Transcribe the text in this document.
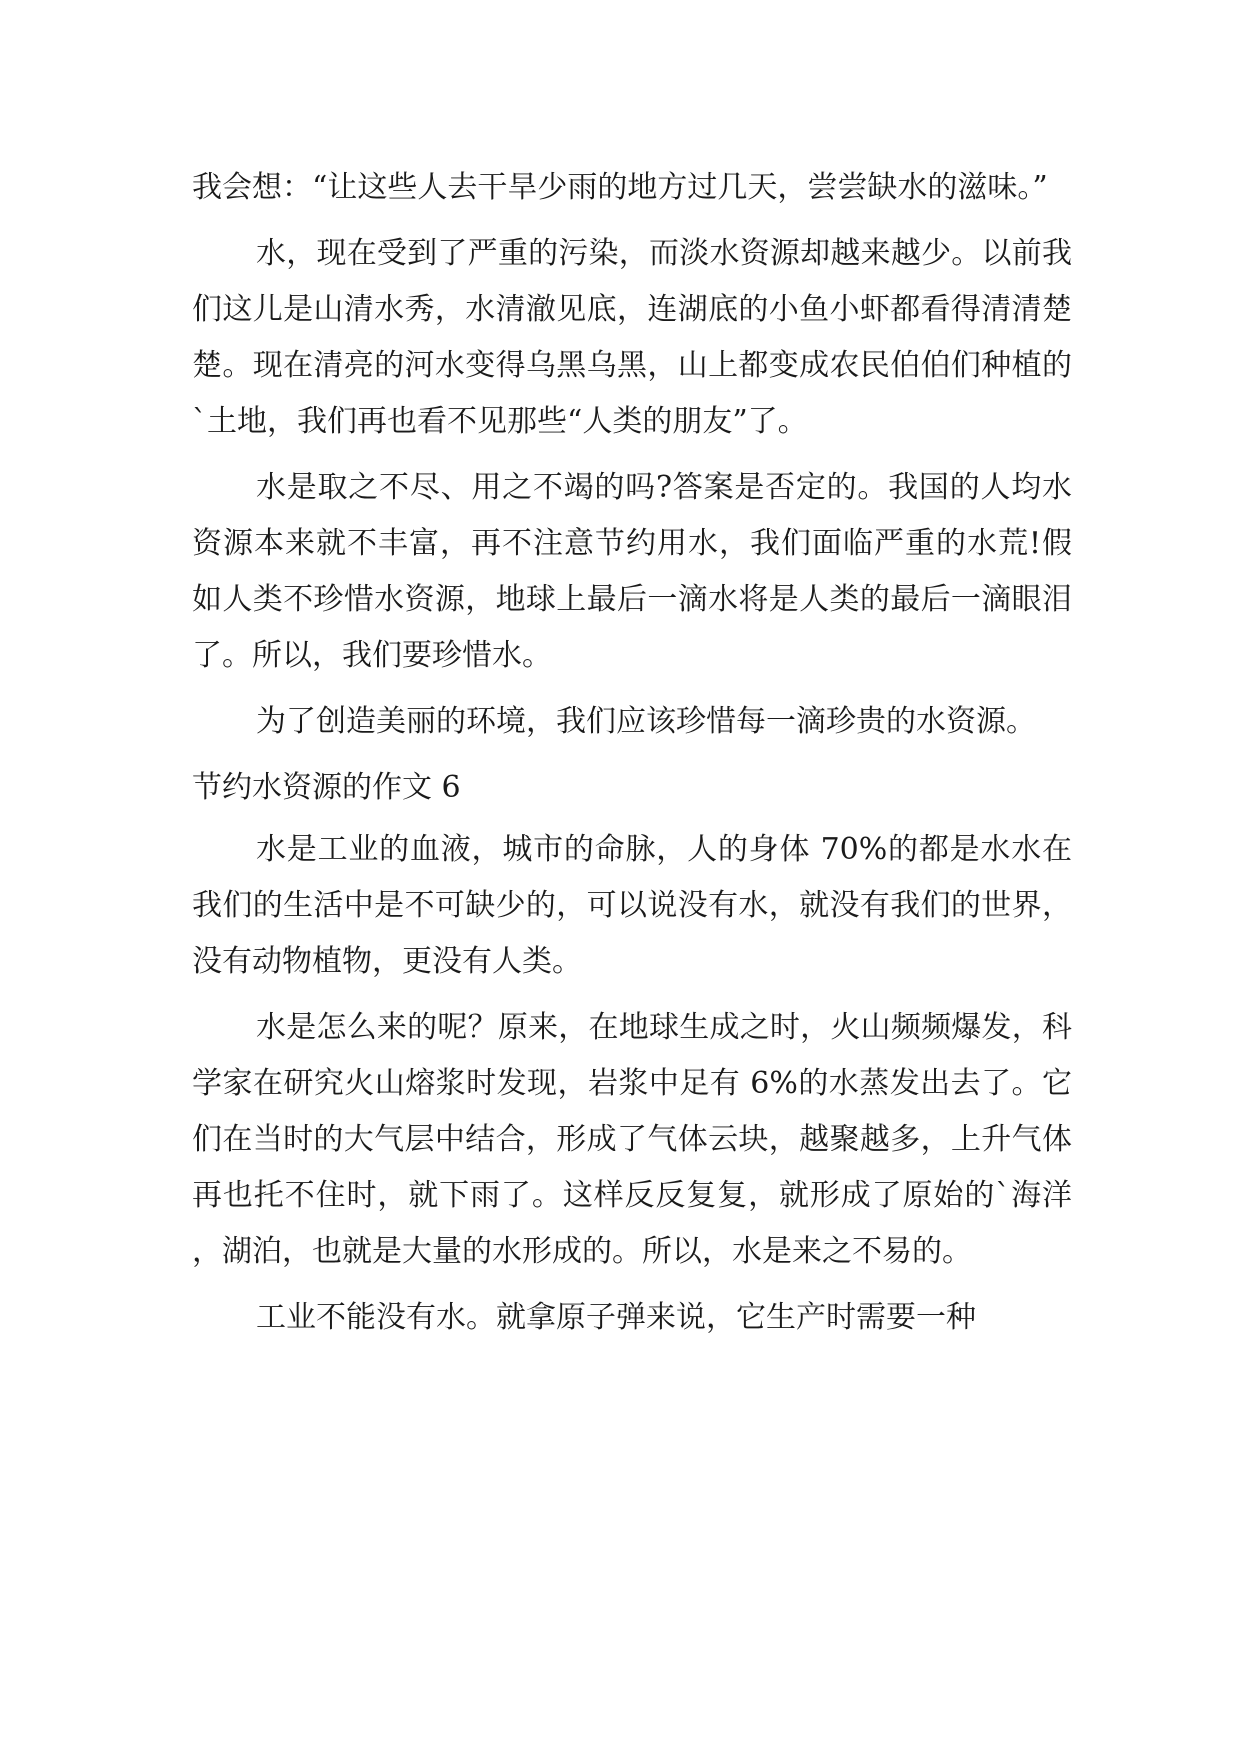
我会想：“让这些人去干旱少雨的地方过几天，尝尝缺水的滋味。”

水，现在受到了严重的污染，而淡水资源却越来越少。以前我们这儿是山清水秀，水清澈见底，连湖底的小鱼小虾都看得清清楚楚。现在清亮的河水变得乌黑乌黑，山上都变成农民伯伯们种植的`土地，我们再也看不见那些“人类的朋友”了。

水是取之不尽、用之不竭的吗?答案是否定的。我国的人均水资源本来就不丰富，再不注意节约用水，我们面临严重的水荒!假如人类不珍惜水资源，地球上最后一滴水将是人类的最后一滴眼泪了。所以，我们要珍惜水。

为了创造美丽的环境，我们应该珍惜每一滴珍贵的水资源。

节约水资源的作文 6

水是工业的血液，城市的命脉，人的身体 70%的都是水水在我们的生活中是不可缺少的，可以说没有水，就没有我们的世界，没有动物植物，更没有人类。

水是怎么来的呢？原来，在地球生成之时，火山频频爆发，科学家在研究火山熔浆时发现，岩浆中足有 6%的水蒸发出去了。它们在当时的大气层中结合，形成了气体云块，越聚越多，上升气体再也托不住时，就下雨了。这样反反复复，就形成了原始的`海洋，湖泊，也就是大量的水形成的。所以，水是来之不易的。

工业不能没有水。就拿原子弹来说，它生产时需要一种
